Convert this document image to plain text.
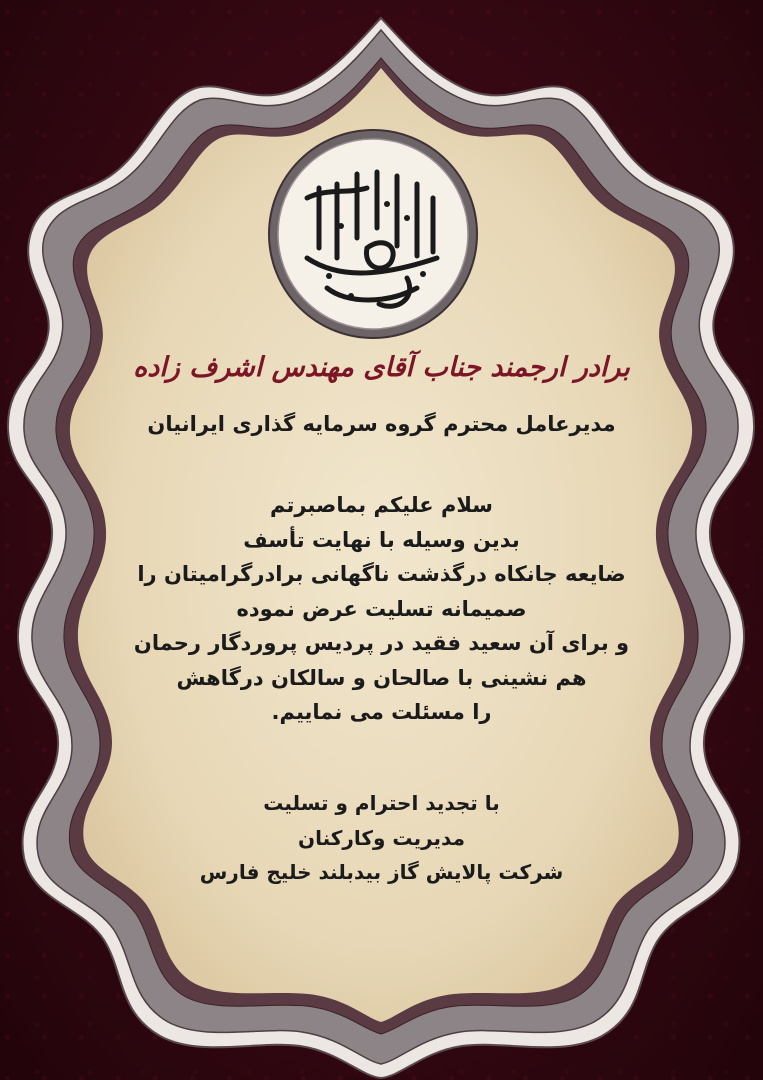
برادر ارجمند جناب آقای مهندس اشرف زاده
مدیرعامل محترم گروه سرمایه گذاری ایرانیان
سلام علیکم بماصبرتم
بدین وسیله با نهایت تأسف
ضایعه جانکاه درگذشت ناگهانی برادرگرامیتان را
صمیمانه تسلیت عرض نموده
و برای آن سعید فقید در پردیس پروردگار رحمان
هم نشینی با صالحان و سالکان درگاهش
را مسئلت می نماییم.
با تجدید احترام و تسلیت
مدیریت وکارکنان
شرکت پالایش گاز بیدبلند خلیج فارس
